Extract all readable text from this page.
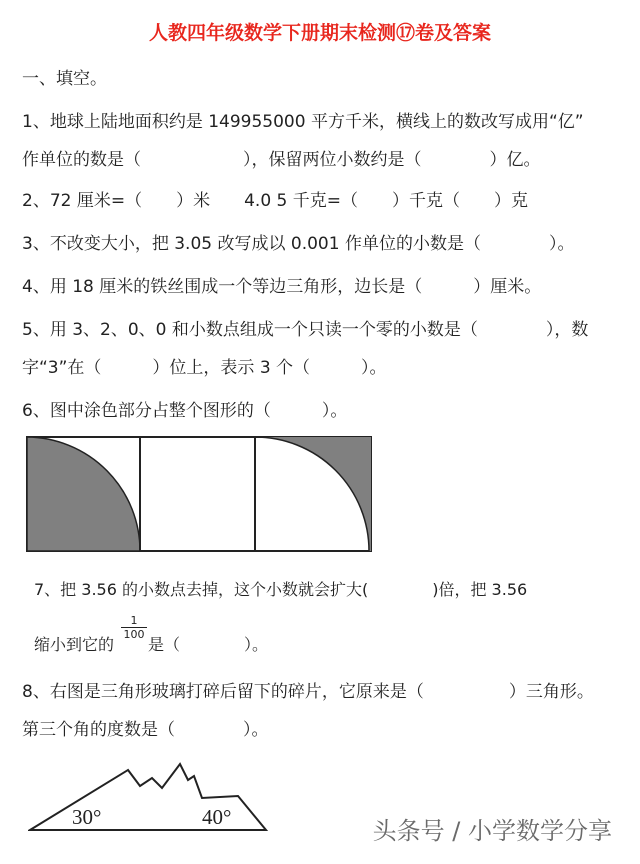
人教四年级数学下册期末检测⑰卷及答案
一、填空。
1、地球上陆地面积约是 149955000 平方千米，横线上的数改写成用“亿”
作单位的数是（　　　　　　），保留两位小数约是（　　　　）亿。
2、72 厘米=（　　）米　　4.0 5 千克=（　　）千克（　　）克
3、不改变大小，把 3.05 改写成以 0.001 作单位的小数是（　　　　）。
4、用 18 厘米的铁丝围成一个等边三角形，边长是（　　　）厘米。
5、用 3、2、0、0 和小数点组成一个只读一个零的小数是（　　　　），数
字“3”在（　　　）位上，表示 3 个（　　　）。
6、图中涂色部分占整个图形的（　　　）。
7、把 3.56 的小数点去掉，这个小数就会扩大(　　　　)倍，把 3.56
缩小到它的
$\frac{1}{100}$
是（　　　　）。
8、右图是三角形玻璃打碎后留下的碎片，它原来是（　　　　　）三角形。
第三个角的度数是（　　　　）。
30°	40°	头条号 / 小学数学分享
